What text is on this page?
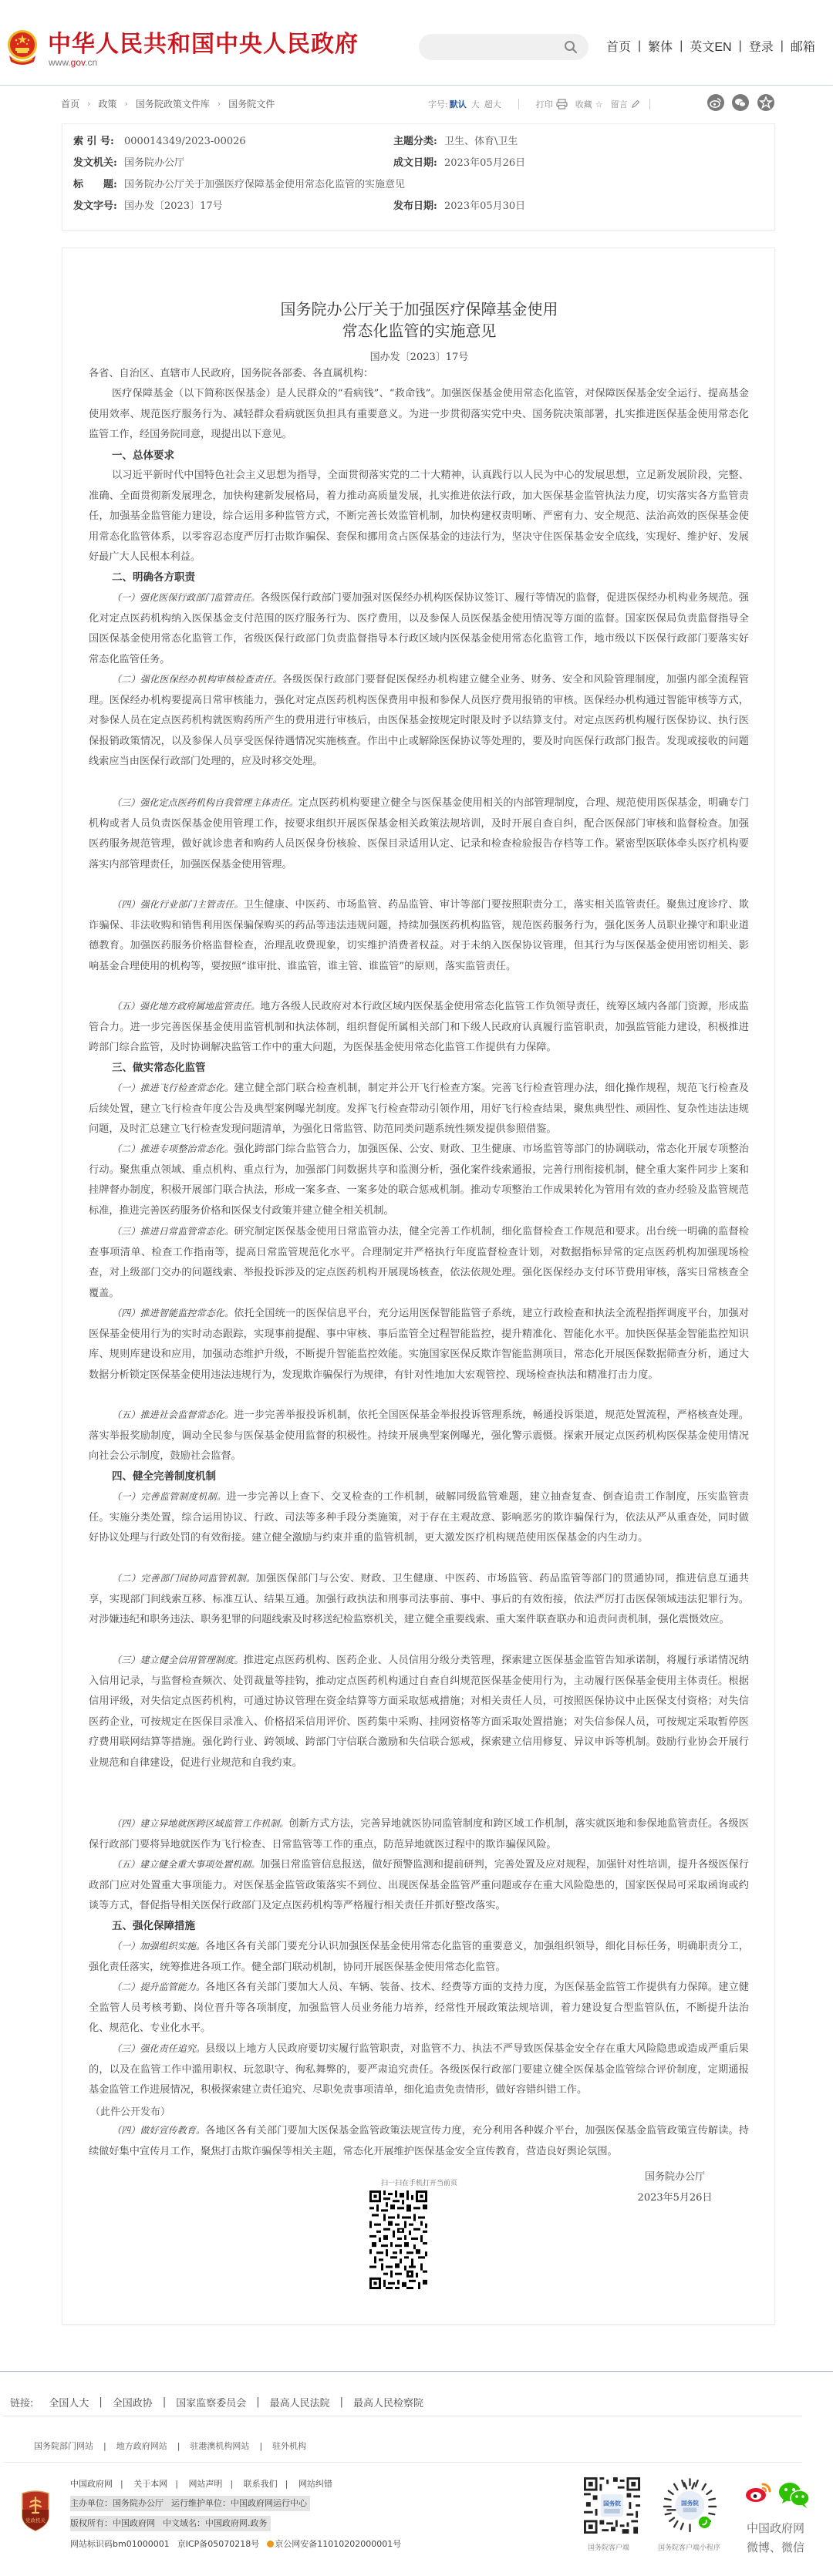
中华人民共和国中央人民政府
www.gov.cn
首页 | 繁体 | 英文EN | 登录 | 邮箱
首页 › 政策 › 国务院政策文件库 › 国务院文件	字号: 默认 大 超大	打印	收藏 ☆ 留言
索 引 号: 000014349/2023-00026	主题分类: 卫生、体育\卫生
发文机关: 国务院办公厅	成文日期: 2023年05月26日
标　　题: 国务院办公厅关于加强医疗保障基金使用常态化监管的实施意见
发文字号: 国办发〔2023〕17号	发布日期: 2023年05月30日
国务院办公厅关于加强医疗保障基金使用
常态化监管的实施意见
国办发〔2023〕17号
各省、自治区、直辖市人民政府，国务院各部委、各直属机构：
医疗保障基金（以下简称医保基金）是人民群众的“看病钱”、“救命钱”。加强医保基金使用常态化监管，对保障医保基金安全运行、提高基金使用效率、规范医疗服务行为、减轻群众看病就医负担具有重要意义。为进一步贯彻落实党中央、国务院决策部署，扎实推进医保基金使用常态化监管工作，经国务院同意，现提出以下意见。
一、总体要求
以习近平新时代中国特色社会主义思想为指导，全面贯彻落实党的二十大精神，认真践行以人民为中心的发展思想，立足新发展阶段，完整、准确、全面贯彻新发展理念，加快构建新发展格局，着力推动高质量发展，扎实推进依法行政，加大医保基金监管执法力度，切实落实各方监管责任，加强基金监管能力建设，综合运用多种监管方式，不断完善长效监管机制，加快构建权责明晰、严密有力、安全规范、法治高效的医保基金使用常态化监管体系，以零容忍态度严厉打击欺诈骗保、套保和挪用贪占医保基金的违法行为，坚决守住医保基金安全底线，实现好、维护好、发展好最广大人民根本利益。
二、明确各方职责
（一）强化医保行政部门监管责任。各级医保行政部门要加强对医保经办机构医保协议签订、履行等情况的监督，促进医保经办机构业务规范。强化对定点医药机构纳入医保基金支付范围的医疗服务行为、医疗费用，以及参保人员医保基金使用情况等方面的监督。国家医保局负责监督指导全国医保基金使用常态化监管工作，省级医保行政部门负责监督指导本行政区域内医保基金使用常态化监管工作，地市级以下医保行政部门要落实好常态化监管任务。
（二）强化医保经办机构审核检查责任。各级医保行政部门要督促医保经办机构建立健全业务、财务、安全和风险管理制度，加强内部全流程管理。医保经办机构要提高日常审核能力，强化对定点医药机构医保费用申报和参保人员医疗费用报销的审核。医保经办机构通过智能审核等方式，对参保人员在定点医药机构就医购药所产生的费用进行审核后，由医保基金按规定时限及时予以结算支付。对定点医药机构履行医保协议、执行医保报销政策情况，以及参保人员享受医保待遇情况实施核查。作出中止或解除医保协议等处理的，要及时向医保行政部门报告。发现或接收的问题线索应当由医保行政部门处理的，应及时移交处理。
（三）强化定点医药机构自我管理主体责任。定点医药机构要建立健全与医保基金使用相关的内部管理制度，合理、规范使用医保基金，明确专门机构或者人员负责医保基金使用管理工作，按要求组织开展医保基金相关政策法规培训，及时开展自查自纠，配合医保部门审核和监督检查。加强医药服务规范管理，做好就诊患者和购药人员医保身份核验、医保目录适用认定、记录和检查检验报告存档等工作。紧密型医联体牵头医疗机构要落实内部管理责任，加强医保基金使用管理。
（四）强化行业部门主管责任。卫生健康、中医药、市场监管、药品监管、审计等部门要按照职责分工，落实相关监管责任。聚焦过度诊疗、欺诈骗保、非法收购和销售利用医保骗保购买的药品等违法违规问题，持续加强医药机构监管，规范医药服务行为，强化医务人员职业操守和职业道德教育。加强医药服务价格监督检查，治理乱收费现象，切实维护消费者权益。对于未纳入医保协议管理，但其行为与医保基金使用密切相关、影响基金合理使用的机构等，要按照“谁审批、谁监管，谁主管、谁监管”的原则，落实监管责任。
（五）强化地方政府属地监管责任。地方各级人民政府对本行政区域内医保基金使用常态化监管工作负领导责任，统筹区域内各部门资源，形成监管合力。进一步完善医保基金使用监管机制和执法体制，组织督促所属相关部门和下级人民政府认真履行监管职责，加强监管能力建设，积极推进跨部门综合监管，及时协调解决监管工作中的重大问题，为医保基金使用常态化监管工作提供有力保障。
三、做实常态化监管
（一）推进飞行检查常态化。建立健全部门联合检查机制，制定并公开飞行检查方案。完善飞行检查管理办法，细化操作规程，规范飞行检查及后续处置，建立飞行检查年度公告及典型案例曝光制度。发挥飞行检查带动引领作用，用好飞行检查结果，聚焦典型性、顽固性、复杂性违法违规问题，及时汇总建立飞行检查发现问题清单，为强化日常监管、防范同类问题系统性频发提供参照借鉴。
（二）推进专项整治常态化。强化跨部门综合监管合力，加强医保、公安、财政、卫生健康、市场监管等部门的协调联动，常态化开展专项整治行动。聚焦重点领域、重点机构、重点行为，加强部门间数据共享和监测分析，强化案件线索通报，完善行刑衔接机制，健全重大案件同步上案和挂牌督办制度，积极开展部门联合执法，形成一案多查、一案多处的联合惩戒机制。推动专项整治工作成果转化为管用有效的查办经验及监管规范标准，推进完善医药服务价格和医保支付政策并建立健全相关机制。
（三）推进日常监管常态化。研究制定医保基金使用日常监管办法，健全完善工作机制，细化监督检查工作规范和要求。出台统一明确的监督检查事项清单、检查工作指南等，提高日常监管规范化水平。合理制定并严格执行年度监督检查计划，对数据指标异常的定点医药机构加强现场检查，对上级部门交办的问题线索、举报投诉涉及的定点医药机构开展现场核查，依法依规处理。强化医保经办支付环节费用审核，落实日常核查全覆盖。
（四）推进智能监控常态化。依托全国统一的医保信息平台，充分运用医保智能监管子系统，建立行政检查和执法全流程指挥调度平台，加强对医保基金使用行为的实时动态跟踪，实现事前提醒、事中审核、事后监管全过程智能监控，提升精准化、智能化水平。加快医保基金智能监控知识库、规则库建设和应用，加强动态维护升级，不断提升智能监控效能。实施国家医保反欺诈智能监测项目，常态化开展医保数据筛查分析，通过大数据分析锁定医保基金使用违法违规行为，发现欺诈骗保行为规律，有针对性地加大宏观管控、现场检查执法和精准打击力度。
（五）推进社会监督常态化。进一步完善举报投诉机制，依托全国医保基金举报投诉管理系统，畅通投诉渠道，规范处置流程，严格核查处理。落实举报奖励制度，调动全民参与医保基金使用监督的积极性。持续开展典型案例曝光，强化警示震慑。探索开展定点医药机构医保基金使用情况向社会公示制度，鼓励社会监督。
四、健全完善制度机制
（一）完善监管制度机制。进一步完善以上查下、交叉检查的工作机制，破解同级监管难题，建立抽查复查、倒查追责工作制度，压实监管责任。实施分类处置，综合运用协议、行政、司法等多种手段分类施策，对于存在主观故意、影响恶劣的欺诈骗保行为，依法从严从重查处，同时做好协议处理与行政处罚的有效衔接。建立健全激励与约束并重的监管机制，更大激发医疗机构规范使用医保基金的内生动力。
（二）完善部门间协同监管机制。加强医保部门与公安、财政、卫生健康、中医药、市场监管、药品监管等部门的贯通协同，推进信息互通共享，实现部门间线索互移、标准互认、结果互通。加强行政执法和刑事司法事前、事中、事后的有效衔接，依法严厉打击医保领域违法犯罪行为。对涉嫌违纪和职务违法、职务犯罪的问题线索及时移送纪检监察机关，建立健全重要线索、重大案件联查联办和追责问责机制，强化震慑效应。
（三）建立健全信用管理制度。推进定点医药机构、医药企业、人员信用分级分类管理，探索建立医保基金监管告知承诺制，将履行承诺情况纳入信用记录，与监督检查频次、处罚裁量等挂钩，推动定点医药机构通过自查自纠规范医保基金使用行为，主动履行医保基金使用主体责任。根据信用评级，对失信定点医药机构，可通过协议管理在资金结算等方面采取惩戒措施；对相关责任人员，可按照医保协议中止医保支付资格；对失信医药企业，可按规定在医保目录准入、价格招采信用评价、医药集中采购、挂网资格等方面采取处置措施；对失信参保人员，可按规定采取暂停医疗费用联网结算等措施。强化跨行业、跨领域、跨部门守信联合激励和失信联合惩戒，探索建立信用修复、异议申诉等机制。鼓励行业协会开展行业规范和自律建设，促进行业规范和自我约束。
（四）建立异地就医跨区域监管工作机制。创新方式方法，完善异地就医协同监管制度和跨区域工作机制，落实就医地和参保地监管责任。各级医保行政部门要将异地就医作为飞行检查、日常监管等工作的重点，防范异地就医过程中的欺诈骗保风险。
（五）建立健全重大事项处置机制。加强日常监管信息报送，做好预警监测和提前研判，完善处置及应对规程，加强针对性培训，提升各级医保行政部门应对处置重大事项能力。对医保基金监管政策落实不到位、出现医保基金监管严重问题或存在重大风险隐患的，国家医保局可采取函询或约谈等方式，督促指导相关医保行政部门及定点医药机构等严格履行相关责任并抓好整改落实。
五、强化保障措施
（一）加强组织实施。各地区各有关部门要充分认识加强医保基金使用常态化监管的重要意义，加强组织领导，细化目标任务，明确职责分工，强化责任落实，统筹推进各项工作。健全部门联动机制，协同开展医保基金使用常态化监管。
（二）提升监管能力。各地区各有关部门要加大人员、车辆、装备、技术、经费等方面的支持力度，为医保基金监管工作提供有力保障。建立健全监管人员考核考勤、岗位晋升等各项制度，加强监管人员业务能力培养，经常性开展政策法规培训，着力建设复合型监管队伍，不断提升法治化、规范化、专业化水平。
（三）强化责任追究。县级以上地方人民政府要切实履行监管职责，对监管不力、执法不严导致医保基金安全存在重大风险隐患或造成严重后果的，以及在监管工作中滥用职权、玩忽职守、徇私舞弊的，要严肃追究责任。各级医保行政部门要建立健全医保基金监管综合评价制度，定期通报基金监管工作进展情况，积极探索建立责任追究、尽职免责事项清单，细化追责免责情形，做好容错纠错工作。
（四）做好宣传教育。各地区各有关部门要加大医保基金监管政策法规宣传力度，充分利用各种媒介平台，加强医保基金监管政策宣传解读。持续做好集中宣传月工作，聚焦打击欺诈骗保等相关主题，常态化开展维护医保基金安全宣传教育，营造良好舆论氛围。
国务院办公厅
2023年5月26日
（此件公开发布）
扫一扫在手机打开当前页
链接: 全国人大 | 全国政协 | 国家监察委员会 | 最高人民法院 | 最高人民检察院
国务院部门网站 | 地方政府网站 | 驻港澳机构网站 | 驻外机构
党政机关
中国政府网 | 关于本网 | 网站声明 | 联系我们 | 网站纠错
主办单位：国务院办公厅 运行维护单位：中国政府网运行中心
版权所有：中国政府网 中文域名：中国政府网.政务
网站标识码bm01000001 京ICP备05070218号 京公网安备11010202000001号
国务院
国务院客户端
国务院
国务院客户端小程序
中国政府网
微博、微信
